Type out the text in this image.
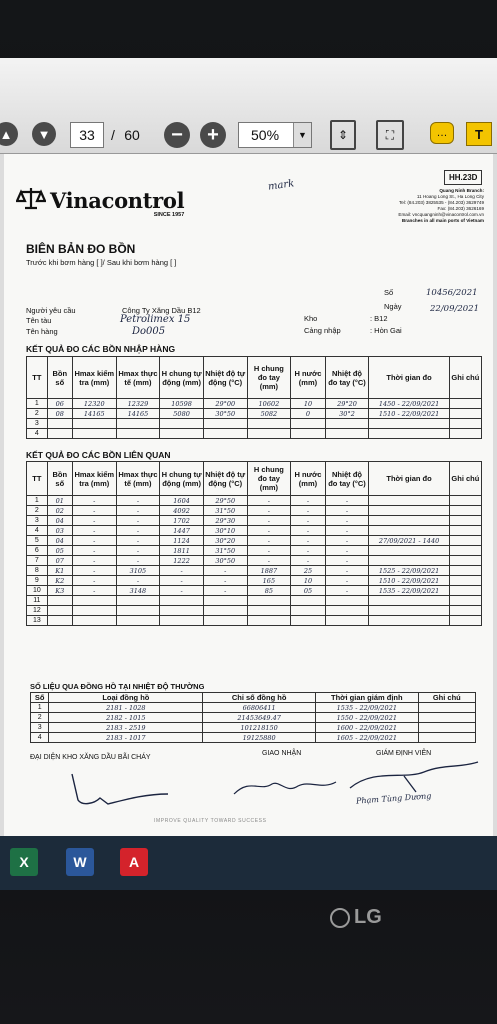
▲	▼	33 / 60	−	+	50%	▼	⇕	⛶	…	T
Vinacontrol
SINCE 1957
mark	Quang Ninh Branch:
11 Hoang Long St., Ha Long City
Tel: (84.203) 3825535 - (84.203) 3629749
Fax: (84.203) 3626169
Email: vncquangninh@vinacontrol.com.vn
Branches in all main ports of Vietnam
HH.23D
BIÊN BẢN ĐO BỒN
Trước khi bơm hàng [ ]/ Sau khi bơm hàng [ ]
Số	10456/2021
Ngày	22/09/2021
Người yêu cầu	Công Ty Xăng Dầu B12
Tên tàu	Petrolimex 15
Tên hàng	Do005
Kho	: B12
Cảng nhập	: Hòn Gai
KẾT QUẢ ĐO CÁC BỒN NHẬP HÀNG
TT	Bồn số	Hmax kiểm tra (mm)	Hmax thực tế (mm)	H chung tự động (mm)	Nhiệt độ tự động (°C)	H chung đo tay (mm)	H nước (mm)	Nhiệt độ đo tay (°C)	Thời gian đo	Ghi chú
1	06	12320	12329	10598	29°00	10602	10	29°20	1450 - 22/09/2021	
2	08	14165	14165	5080	30°50	5082	0	30°2	1510 - 22/09/2021	
3										
4										
KẾT QUẢ ĐO CÁC BỒN LIÊN QUAN
TT	Bồn số	Hmax kiểm tra (mm)	Hmax thực tế (mm)	H chung tự động (mm)	Nhiệt độ tự động (°C)	H chung đo tay (mm)	H nước (mm)	Nhiệt độ đo tay (°C)	Thời gian đo	Ghi chú
1	01	-	-	1604	29°50	-	-	-		
2	02	-	-	4092	31°50	-	-	-		
3	04	-	-	1702	29°30	-	-	-		
4	03	-	-	1447	30°10	-	-	-		
5	04	-	-	1124	30°20	-	-	-	27/09/2021 - 1440	
6	05	-	-	1811	31°50	-	-	-		
7	07	-	-	1222	30°50	-	-	-		
8	K1	-	3105	-	-	1887	25	-	1525 - 22/09/2021	
9	K2	-	-	-	-	165	10	-	1510 - 22/09/2021	
10	K3	-	3148	-	-	85	05	-	1535 - 22/09/2021	
11										
12										
13										
SỐ LIỆU QUA ĐỒNG HỒ TẠI NHIỆT ĐỘ THƯỜNG
Số	Loại đồng hồ	Chỉ số đồng hồ	Thời gian giám định	Ghi chú
1	2181 - 1028	66806411	1535 - 22/09/2021	
2	2182 - 1015	21453649.47	1550 - 22/09/2021	
3	2183 - 2519	101218150	1600 - 22/09/2021	
4	2183 - 1017	19125880	1605 - 22/09/2021	
ĐẠI DIỆN KHO XĂNG DẦU BÃI CHÁY
GIAO NHẬN	GIÁM ĐỊNH VIÊN
Phạm Tùng Dương
IMPROVE QUALITY TOWARD SUCCESS
X	W	A
LG
